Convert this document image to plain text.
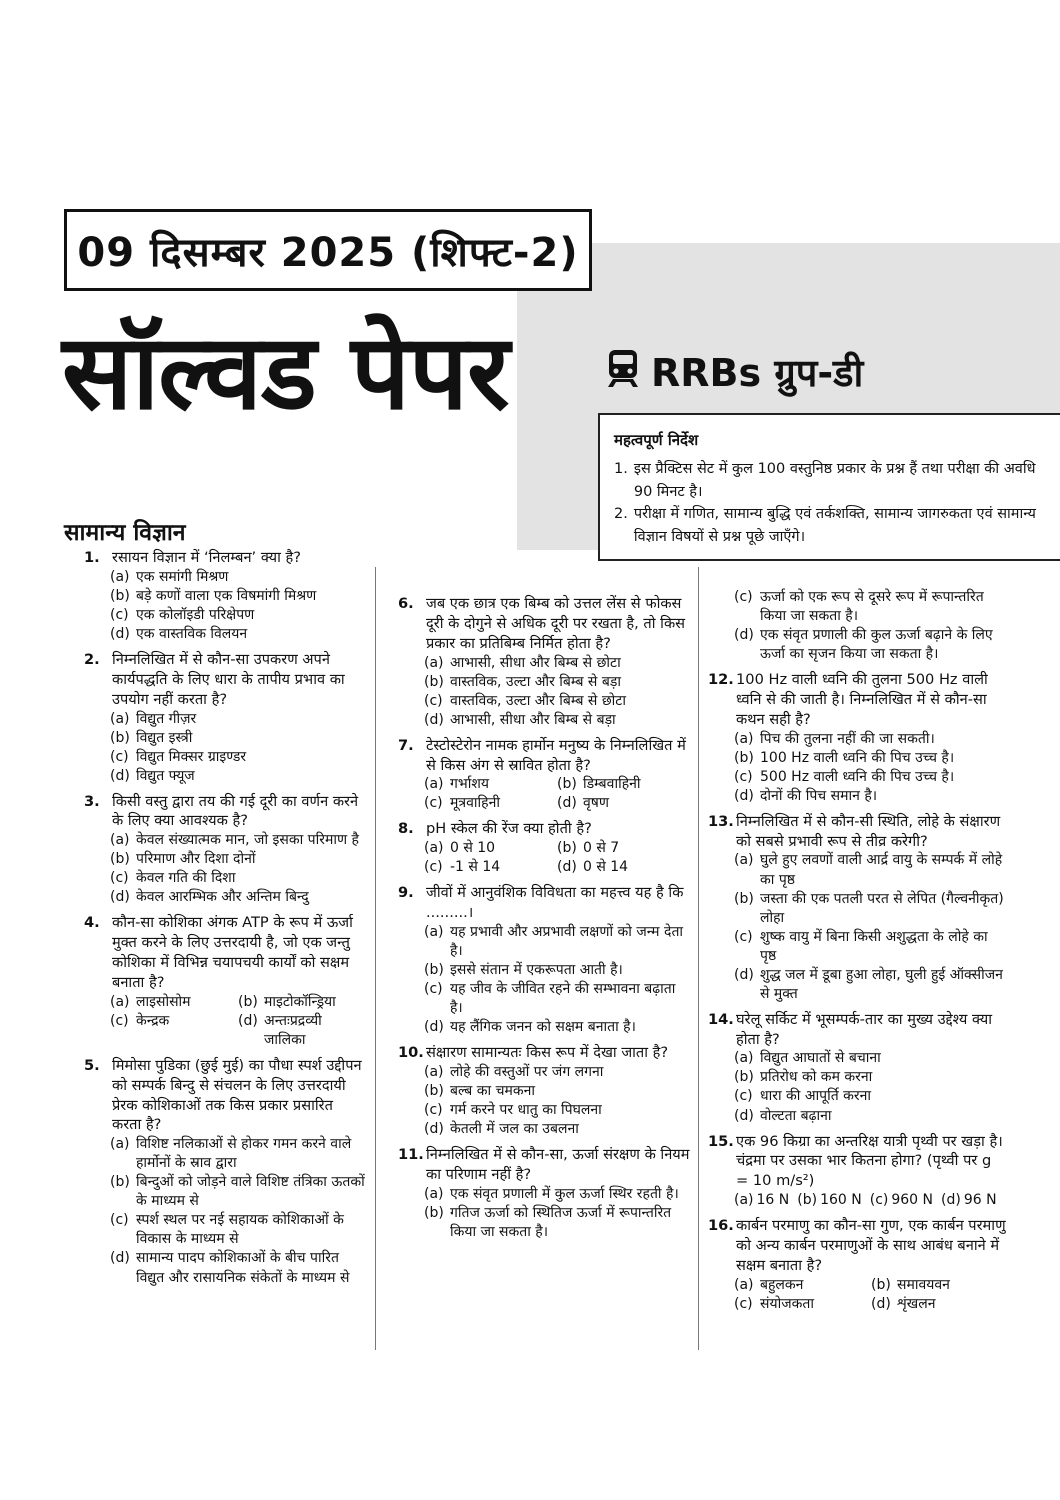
09 दिसम्बर 2025 (शिफ्ट-2)
सॉल्वड पेपर	RRBs ग्रुप-डी
महत्वपूर्ण निर्देश
1. इस प्रैक्टिस सेट में कुल 100 वस्तुनिष्ठ प्रकार के प्रश्न हैं तथा परीक्षा की अवधि 90 मिनट है।
2. परीक्षा में गणित, सामान्य बुद्धि एवं तर्कशक्ति, सामान्य जागरुकता एवं सामान्य विज्ञान विषयों से प्रश्न पूछे जाएँगे।
सामान्य विज्ञान
1. रसायन विज्ञान में ‘निलम्बन’ क्या है?
(a) एक समांगी मिश्रण
(b) बड़े कणों वाला एक विषमांगी मिश्रण
(c) एक कोलॉइडी परिक्षेपण
(d) एक वास्तविक विलयन
2. निम्नलिखित में से कौन-सा उपकरण अपने कार्यपद्धति के लिए धारा के तापीय प्रभाव का उपयोग नहीं करता है?
(a) विद्युत गीज़र
(b) विद्युत इस्त्री
(c) विद्युत मिक्सर ग्राइण्डर
(d) विद्युत फ्यूज
3. किसी वस्तु द्वारा तय की गई दूरी का वर्णन करने के लिए क्या आवश्यक है?
(a) केवल संख्यात्मक मान, जो इसका परिमाण है
(b) परिमाण और दिशा दोनों
(c) केवल गति की दिशा
(d) केवल आरम्भिक और अन्तिम बिन्दु
4. कौन-सा कोशिका अंगक ATP के रूप में ऊर्जा मुक्त करने के लिए उत्तरदायी है, जो एक जन्तु कोशिका में विभिन्न चयापचयी कार्यों को सक्षम बनाता है?
(a) लाइसोसोम	(b) माइटोकॉन्ड्रिया
(c) केन्द्रक	(d) अन्तःप्रद्रव्यी जालिका
5. मिमोसा पुडिका (छुई मुई) का पौधा स्पर्श उद्दीपन को सम्पर्क बिन्दु से संचलन के लिए उत्तरदायी प्रेरक कोशिकाओं तक किस प्रकार प्रसारित करता है?
(a) विशिष्ट नलिकाओं से होकर गमन करने वाले हार्मोनों के स्राव द्वारा
(b) बिन्दुओं को जोड़ने वाले विशिष्ट तंत्रिका ऊतकों के माध्यम से
(c) स्पर्श स्थल पर नई सहायक कोशिकाओं के विकास के माध्यम से
(d) सामान्य पादप कोशिकाओं के बीच पारित विद्युत और रासायनिक संकेतों के माध्यम से
6. जब एक छात्र एक बिम्ब को उत्तल लेंस से फोकस दूरी के दोगुने से अधिक दूरी पर रखता है, तो किस प्रकार का प्रतिबिम्ब निर्मित होता है?
(a) आभासी, सीधा और बिम्ब से छोटा
(b) वास्तविक, उल्टा और बिम्ब से बड़ा
(c) वास्तविक, उल्टा और बिम्ब से छोटा
(d) आभासी, सीधा और बिम्ब से बड़ा
7. टेस्टोस्टेरोन नामक हार्मोन मनुष्य के निम्नलिखित में से किस अंग से स्रावित होता है?
(a) गर्भाशय	(b) डिम्बवाहिनी
(c) मूत्रवाहिनी	(d) वृषण
8. pH स्केल की रेंज क्या होती है?
(a) 0 से 10	(b) 0 से 7
(c) -1 से 14	(d) 0 से 14
9. जीवों में आनुवंशिक विविधता का महत्त्व यह है कि .........।
(a) यह प्रभावी और अप्रभावी लक्षणों को जन्म देता है।
(b) इससे संतान में एकरूपता आती है।
(c) यह जीव के जीवित रहने की सम्भावना बढ़ाता है।
(d) यह लैंगिक जनन को सक्षम बनाता है।
10. संक्षारण सामान्यतः किस रूप में देखा जाता है?
(a) लोहे की वस्तुओं पर जंग लगना
(b) बल्ब का चमकना
(c) गर्म करने पर धातु का पिघलना
(d) केतली में जल का उबलना
11. निम्नलिखित में से कौन-सा, ऊर्जा संरक्षण के नियम का परिणाम नहीं है?
(a) एक संवृत प्रणाली में कुल ऊर्जा स्थिर रहती है।
(b) गतिज ऊर्जा को स्थितिज ऊर्जा में रूपान्तरित किया जा सकता है।
(c) ऊर्जा को एक रूप से दूसरे रूप में रूपान्तरित किया जा सकता है।
(d) एक संवृत प्रणाली की कुल ऊर्जा बढ़ाने के लिए ऊर्जा का सृजन किया जा सकता है।
12. 100 Hz वाली ध्वनि की तुलना 500 Hz वाली ध्वनि से की जाती है। निम्नलिखित में से कौन-सा कथन सही है?
(a) पिच की तुलना नहीं की जा सकती।
(b) 100 Hz वाली ध्वनि की पिच उच्च है।
(c) 500 Hz वाली ध्वनि की पिच उच्च है।
(d) दोनों की पिच समान है।
13. निम्नलिखित में से कौन-सी स्थिति, लोहे के संक्षारण को सबसे प्रभावी रूप से तीव्र करेगी?
(a) घुले हुए लवणों वाली आर्द्र वायु के सम्पर्क में लोहे का पृष्ठ
(b) जस्ता की एक पतली परत से लेपित (गैल्वनीकृत) लोहा
(c) शुष्क वायु में बिना किसी अशुद्धता के लोहे का पृष्ठ
(d) शुद्ध जल में डूबा हुआ लोहा, घुली हुई ऑक्सीजन से मुक्त
14. घरेलू सर्किट में भूसम्पर्क-तार का मुख्य उद्देश्य क्या होता है?
(a) विद्युत आघातों से बचाना
(b) प्रतिरोध को कम करना
(c) धारा की आपूर्ति करना
(d) वोल्टता बढ़ाना
15. एक 96 किग्रा का अन्तरिक्ष यात्री पृथ्वी पर खड़ा है। चंद्रमा पर उसका भार कितना होगा? (पृथ्वी पर g = 10 m/s²)
(a) 16 N (b) 160 N (c) 960 N (d) 96 N
16. कार्बन परमाणु का कौन-सा गुण, एक कार्बन परमाणु को अन्य कार्बन परमाणुओं के साथ आबंध बनाने में सक्षम बनाता है?
(a) बहुलकन	(b) समावयवन
(c) संयोजकता	(d) शृंखलन
